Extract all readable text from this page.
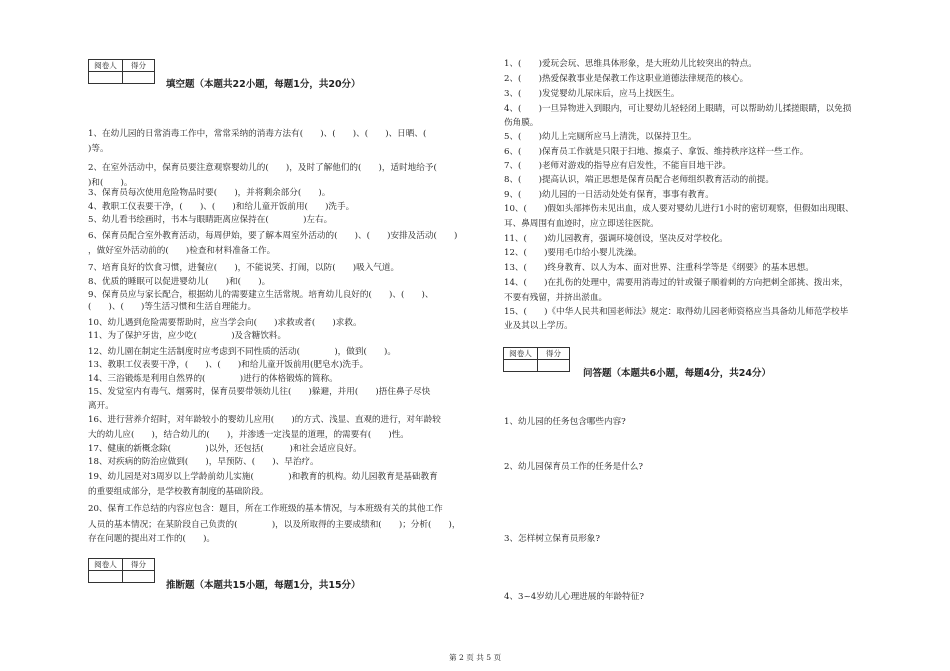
阅卷人	得分

填空题（本题共22小题，每题1分，共20分）
1、在幼儿园的日常消毒工作中，常常采纳的消毒方法有(　　)、(　　)、(　　)、日晒、(　
)等。
2、在室外活动中，保育员要注意观察婴幼儿的(　　)，及时了解他们的(　　)，适时地给予(　
)和(　　)。
3、保育员每次使用危险物品时要(　　)，并将剩余部分(　　)。
4、教职工仪表要干净，(　　)、(　　)和给儿童开饭前用(　　)洗手。
5、幼儿看书绘画时，书本与眼睛距离应保持在(　　　　)左右。
6、保育员配合室外教育活动，每周伊始，要了解本周室外活动的(　　)、(　　)安排及活动(　　)
，做好室外活动前的(　　)检查和材料准备工作。
7、培育良好的饮食习惯，进餐应(　　)，不能说笑、打闹，以防(　　)吸入气道。
8、优质的睡眠可以促进婴幼儿(　　)和(　　)。
9、保育员应与家长配合，根据幼儿的需要建立生活常规。培育幼儿良好的(　　)、(　　)、
(　　)、(　　)等生活习惯和生活自理能力。
10、幼儿遇到危险需要帮助时，应当学会向(　　)求救或者(　　)求救。
11、为了保护牙齿，应少吃(　　　　)及含糖饮料。
12、幼儿園在制定生活制度时应考虑到不同性质的活动(　　　　)，做到(　　)。
13、教职工仪表要干净，(　　)、(　　)和给儿童开饭前用(肥皂水)洗手。
14、三浴锻炼是利用自然界的(　　　　)进行的体格锻炼的简称。
15、发觉室内有毒气、烟雾时，保育员要带领幼儿往(　　)躲避，并用(　　)捂住鼻子尽快
离开。
16、进行营养介绍时，对年龄较小的婴幼儿应用(　　)的方式、浅显、直观的进行，对年龄较
大的幼儿应(　　)，结合幼儿的(　　)，并渗透一定浅显的道理，的需要有(　　)性。
17、健康的新概念除(　　　　)以外，还包括(　　　)和社会适应良好。
18、对疾病的防治应做到(　　)，早预防、(　　)、早治疗。
19、幼儿园是对3周岁以上学龄前幼儿实施(　　　　)和教育的机构。幼儿园教育是基础教育
的重要组成部分，是学校教育制度的基础阶段。
20、保育工作总结的内容应包含：题目，所在工作班级的基本情况，与本班级有关的其他工作
人员的基本情况；在某阶段自己负责的(　　　　)，以及所取得的主要成绩和(　　)；分析(　　)，
存在问题的提出对工作的(　　)。
阅卷人	得分

推断题（本题共15小题，每题1分，共15分）
1、(　　)爱玩会玩、思维具体形象，是大班幼儿比较突出的特点。
2、(　　)热爱保教事业是保教工作这职业道德法律规范的核心。
3、(　　)发觉婴幼儿尿床后，应马上找医生。
4、(　　)一旦异物进入到眼内，可让婴幼儿轻轻闭上眼睛，可以帮助幼儿揉搓眼睛，以免损
伤角膜。
5、(　　)幼儿上完厕所应马上清洗，以保持卫生。
6、(　　)保育员工作就是只限于扫地、擦桌子、拿饭、维持秩序这样一些工作。
7、(　　)老师对游戏的指导应有启发性，不能盲目地干涉。
8、(　　)提高认识，端正思想是保育员配合老师组织教育活动的前提。
9、(　　)幼儿园的一日活动处处有保育，事事有教育。
10、(　　)假如头部摔伤未见出血，成人要对婴幼儿进行1小时的密切观察，但假如出现眼、
耳、鼻周围有血迹时，应立即送往医院。
11、(　　)幼儿园教育，强调环境创设，坚决反对学校化。
12、(　　)要用毛巾给小婴儿洗澡。
13、(　　)终身教育、以人为本、面对世界、注重科学等是《纲要》的基本思想。
14、(　　)在扎伤的处理中，需要用消毒过的针或镊子顺着刺的方向把刺全部挑、拨出来，
不要有残留，并挤出淤血。
15、(　　)《中华人民共和国老师法》规定：取得幼儿园老师资格应当具备幼儿师范学校毕
业及其以上学历。
阅卷人	得分

问答题（本题共6小题，每题4分，共24分）
1、幼儿园的任务包含哪些内容?
2、幼儿园保育员工作的任务是什么?
3、怎样树立保育员形象?
4、3~4岁幼儿心理进展的年龄特征?
第 2 页 共 5 页
